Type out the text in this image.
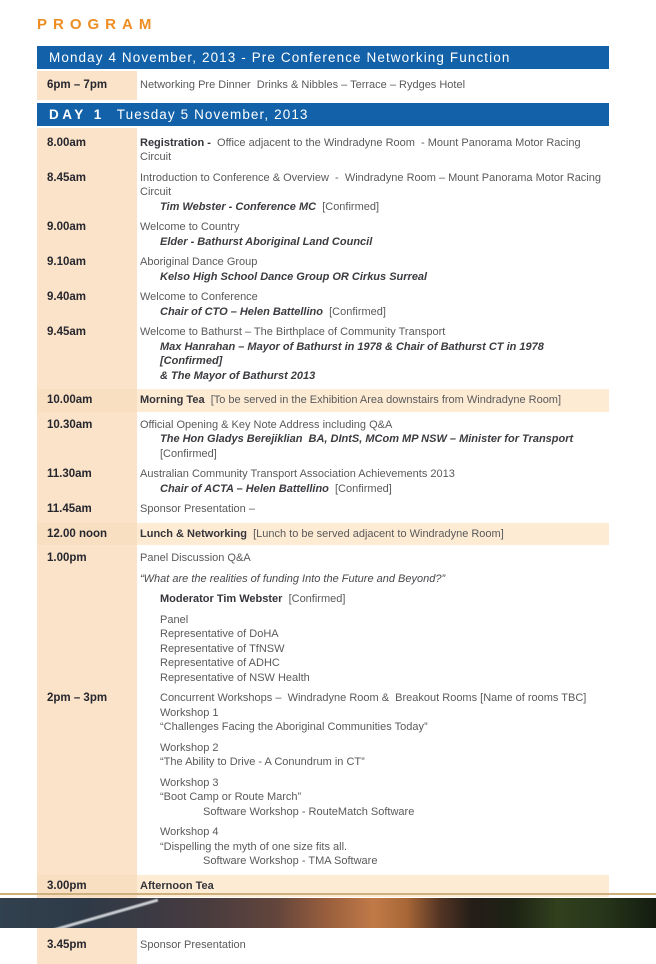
PROGRAM
Monday 4 November, 2013 - Pre Conference Networking Function
6pm – 7pm	Networking Pre Dinner  Drinks & Nibbles – Terrace – Rydges Hotel
DAY 1 Tuesday 5 November, 2013
8.00am	Registration -  Office adjacent to the Windradyne Room  - Mount Panorama Motor Racing Circuit
8.45am	Introduction to Conference & Overview  -  Windradyne Room – Mount Panorama Motor Racing Circuit
Tim Webster - Conference MC  [Confirmed]
9.00am	Welcome to Country
Elder - Bathurst Aboriginal Land Council
9.10am	Aboriginal Dance Group
Kelso High School Dance Group OR Cirkus Surreal
9.40am	Welcome to Conference
Chair of CTO – Helen Battellino  [Confirmed]
9.45am	Welcome to Bathurst – The Birthplace of Community Transport
Max Hanrahan – Mayor of Bathurst in 1978 & Chair of Bathurst CT in 1978  [Confirmed]
& The Mayor of Bathurst 2013
10.00am	Morning Tea  [To be served in the Exhibition Area downstairs from Windradyne Room]
10.30am	Official Opening & Key Note Address including Q&A
The Hon Gladys Berejiklian  BA, DIntS, MCom MP NSW – Minister for Transport  [Confirmed]
11.30am	Australian Community Transport Association Achievements 2013
Chair of ACTA – Helen Battellino  [Confirmed]
11.45am	Sponsor Presentation –
12.00 noon	Lunch & Networking  [Lunch to be served adjacent to Windradyne Room]
1.00pm	Panel Discussion Q&A
“What are the realities of funding Into the Future and Beyond?”
Moderator Tim Webster  [Confirmed]
Panel
Representative of DoHA
Representative of TfNSW
Representative of ADHC
Representative of NSW Health
2pm – 3pm	Concurrent Workshops –  Windradyne Room &  Breakout Rooms [Name of rooms TBC]
Workshop 1
“Challenges Facing the Aboriginal Communities Today”
Workshop 2
“The Ability to Drive - A Conundrum in CT”
Workshop 3
“Boot Camp or Route March”
Software Workshop - RouteMatch Software
Workshop 4
“Dispelling the myth of one size fits all.
Software Workshop - TMA Software
3.00pm	Afternoon Tea
3.45pm	Sponsor Presentation
